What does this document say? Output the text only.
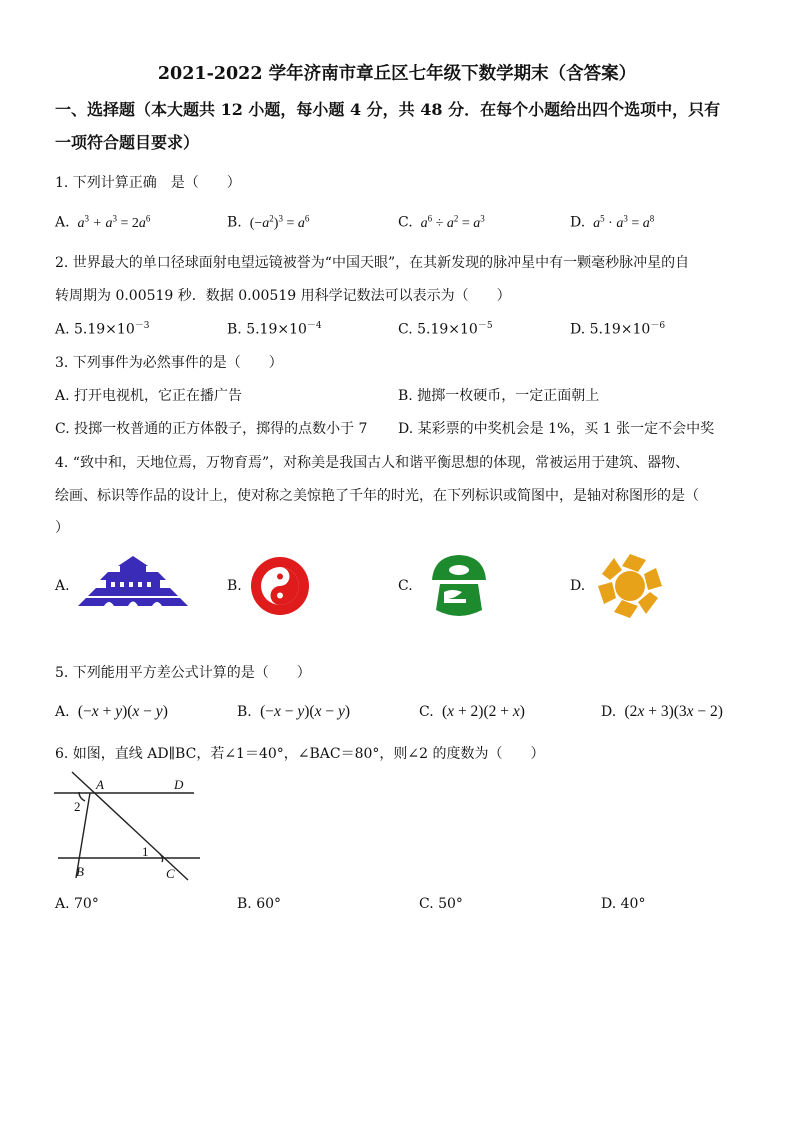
2021-2022 学年济南市章丘区七年级下数学期末（含答案）
一、选择题（本大题共 12 小题，每小题 4 分，共 48 分．在每个小题给出四个选项中，只有
一项符合题目要求）
1. 下列计算正确　是（　　）
A.  $a^3 + a^3 = 2a^6$	B. $(-a^2)^3 = a^6$	C.  $a^6 \div a^2 = a^3$	D.  $a^5 \cdot a^3 = a^8$
2. 世界最大的单口径球面射电望远镜被誉为“中国天眼”，在其新发现的脉冲星中有一颗毫秒脉冲星的自
转周期为 0.00519 秒．数据 0.00519 用科学记数法可以表示为（　　）
A. $5.19\times 10^{-3}$	B. $5.19\times 10^{-4}$	C. $5.19\times 10^{-5}$	D. $5.19\times 10^{-6}$
3. 下列事件为必然事件的是（　　）
A. 打开电视机，它正在播广告	B. 抛掷一枚硬币，一定正面朝上
C. 投掷一枚普通的正方体骰子，掷得的点数小于 7 D. 某彩票的中奖机会是 1%，买 1 张一定不会中奖
4. “致中和，天地位焉，万物育焉”，对称美是我国古人和谐平衡思想的体现，常被运用于建筑、器物、
绘画、标识等作品的设计上，使对称之美惊艳了千年的时光，在下列标识或简图中，是轴对称图形的是（
）
A.	B.	C.	D.
5. 下列能用平方差公式计算的是（　　）
A. (−x + y)(x − y)	B. (−x − y)(x − y)	C. (x + 2)(2 + x)	D. (2x + 3)(3x − 2)
6. 如图，直线 AD∥BC，若∠1＝40°，∠BAC＝80°，则∠2 的度数为（　　）
A	D
2
1
B	C
A. 70°	B. 60°	C. 50°	D. 40°
